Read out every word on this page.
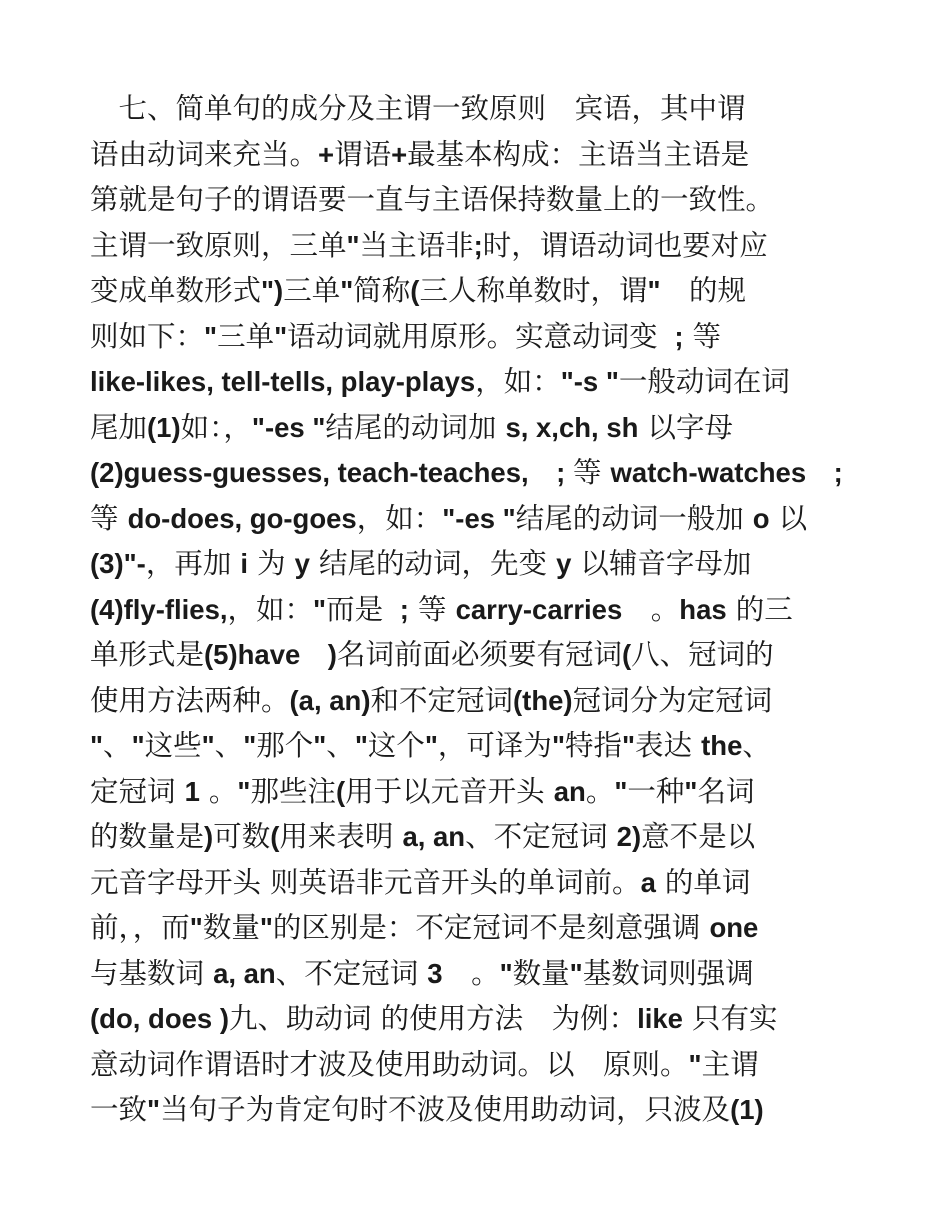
　七、简单句的成分及主谓一致原则　宾语，其中谓
语由动词来充当。+谓语+最基本构成：主语当主语是
第就是句子的谓语要一直与主语保持数量上的一致性。
主谓一致原则，三单"当主语非;时，谓语动词也要对应
变成单数形式")三单"简称(三人称单数时，谓"　的规
则如下："三单"语动词就用原形。实意动词变  ; 等
like-likes, tell-tells, play-plays，如："-s "一般动词在词
尾加(1)如：，"-es "结尾的动词加 s, x,ch, sh 以字母
(2)guess-guesses, teach-teaches,　; 等 watch-watches　;
等 do-does, go-goes，如："-es "结尾的动词一般加 o 以
(3)"-，再加 i 为 y 结尾的动词，先变 y 以辅音字母加
(4)fly-flies,，如："而是  ; 等 carry-carries　。has 的三
单形式是(5)have　)名词前面必须要有冠词(八、冠词的
使用方法两种。(a, an)和不定冠词(the)冠词分为定冠词
"、"这些"、"那个"、"这个"，可译为"特指"表达 the、
定冠词 1 。"那些注(用于以元音开头 an。"一种"名词
的数量是)可数(用来表明 a, an、不定冠词 2)意不是以
元音字母开头 则英语非元音开头的单词前。a 的单词
前，，而"数量"的区别是：不定冠词不是刻意强调 one
与基数词 a, an、不定冠词 3　。"数量"基数词则强调
(do, does )九、助动词 的使用方法　为例：like 只有实
意动词作谓语时才波及使用助动词。以　原则。"主谓
一致"当句子为肯定句时不波及使用助动词，只波及(1)
